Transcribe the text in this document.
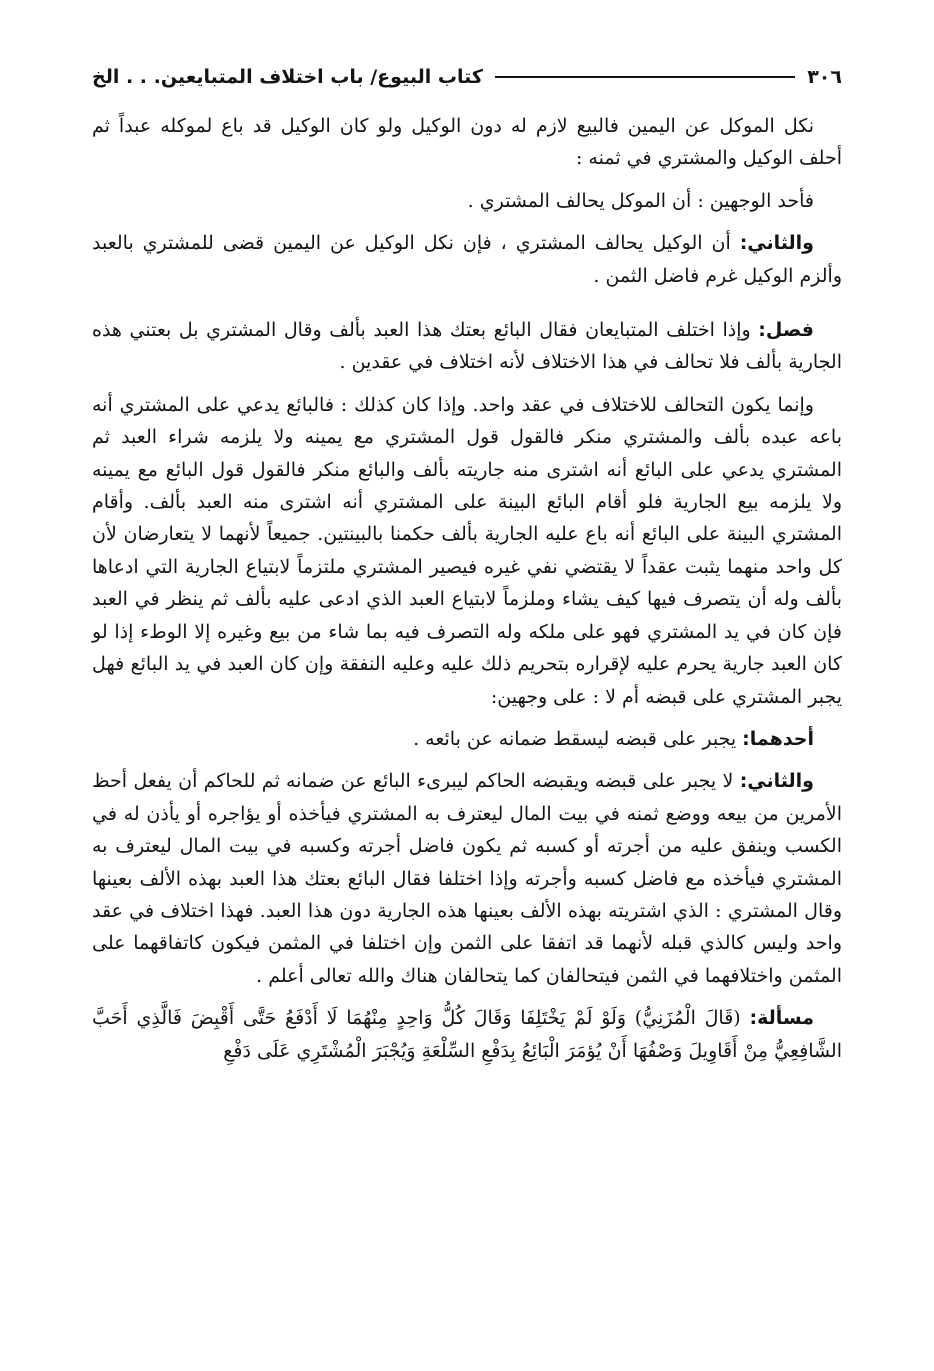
٣٠٦
كتاب البيوع/ باب اختلاف المتبايعين. . . الخ

نكل الموكل عن اليمين فالبيع لازم له دون الوكيل ولو كان الوكيل قد باع لموكله عبداً ثم أحلف الوكيل والمشتري في ثمنه :

فأحد الوجهين : أن الموكل يحالف المشتري .

والثاني: أن الوكيل يحالف المشتري ، فإن نكل الوكيل عن اليمين قضى للمشتري بالعبد وألزم الوكيل غرم فاضل الثمن .

فصل: وإذا اختلف المتبايعان فقال البائع بعتك هذا العبد بألف وقال المشتري بل بعتني هذه الجارية بألف فلا تحالف في هذا الاختلاف لأنه اختلاف في عقدين .

وإنما يكون التحالف للاختلاف في عقد واحد. وإذا كان كذلك : فالبائع يدعي على المشتري أنه باعه عبده بألف والمشتري منكر فالقول قول المشتري مع يمينه ولا يلزمه شراء العبد ثم المشتري يدعي على البائع أنه اشترى منه جاريته بألف والبائع منكر فالقول قول البائع مع يمينه ولا يلزمه بيع الجارية فلو أقام البائع البينة على المشتري أنه اشترى منه العبد بألف. وأقام المشتري البينة على البائع أنه باع عليه الجارية بألف حكمنا بالبينتين. جميعاً لأنهما لا يتعارضان لأن كل واحد منهما يثبت عقداً لا يقتضي نفي غيره فيصير المشتري ملتزماً لابتياع الجارية التي ادعاها بألف وله أن يتصرف فيها كيف يشاء وملزماً لابتياع العبد الذي ادعى عليه بألف ثم ينظر في العبد فإن كان في يد المشتري فهو على ملكه وله التصرف فيه بما شاء من بيع وغيره إلا الوطء إذا لو كان العبد جارية يحرم عليه لإقراره بتحريم ذلك عليه وعليه النفقة وإن كان العبد في يد البائع فهل يجبر المشتري على قبضه أم لا : على وجهين:

أحدهما: يجبر على قبضه ليسقط ضمانه عن بائعه .

والثاني: لا يجبر على قبضه ويقبضه الحاكم ليبرىء البائع عن ضمانه ثم للحاكم أن يفعل أحظ الأمرين من بيعه ووضع ثمنه في بيت المال ليعترف به المشتري فيأخذه أو يؤاجره أو يأذن له في الكسب وينفق عليه من أجرته أو كسبه ثم يكون فاضل أجرته وكسبه في بيت المال ليعترف به المشتري فيأخذه مع فاضل كسبه وأجرته وإذا اختلفا فقال البائع بعتك هذا العبد بهذه الألف بعينها وقال المشتري : الذي اشتريته بهذه الألف بعينها هذه الجارية دون هذا العبد. فهذا اختلاف في عقد واحد وليس كالذي قبله لأنهما قد اتفقا على الثمن وإن اختلفا في المثمن فيكون كاتفاقهما على المثمن واختلافهما في الثمن فيتحالفان كما يتحالفان هناك والله تعالى أعلم .

مسألة: (قَالَ الْمُزَنِيُّ) وَلَوْ لَمْ يَخْتَلِفَا وَقَالَ كُلُّ وَاحِدٍ مِنْهُمَا لَا أَدْفَعُ حَتَّى أَقْبِضَ فَالَّذِي أَحَبَّ الشَّافِعِيُّ مِنْ أَقَاوِيلَ وَصْفُهَا أَنْ يُؤمَرَ الْبَائِعُ بِدَفْعِ السِّلْعَةِ وَيُجْبَرَ الْمُشْتَرِي عَلَى دَفْعِ
